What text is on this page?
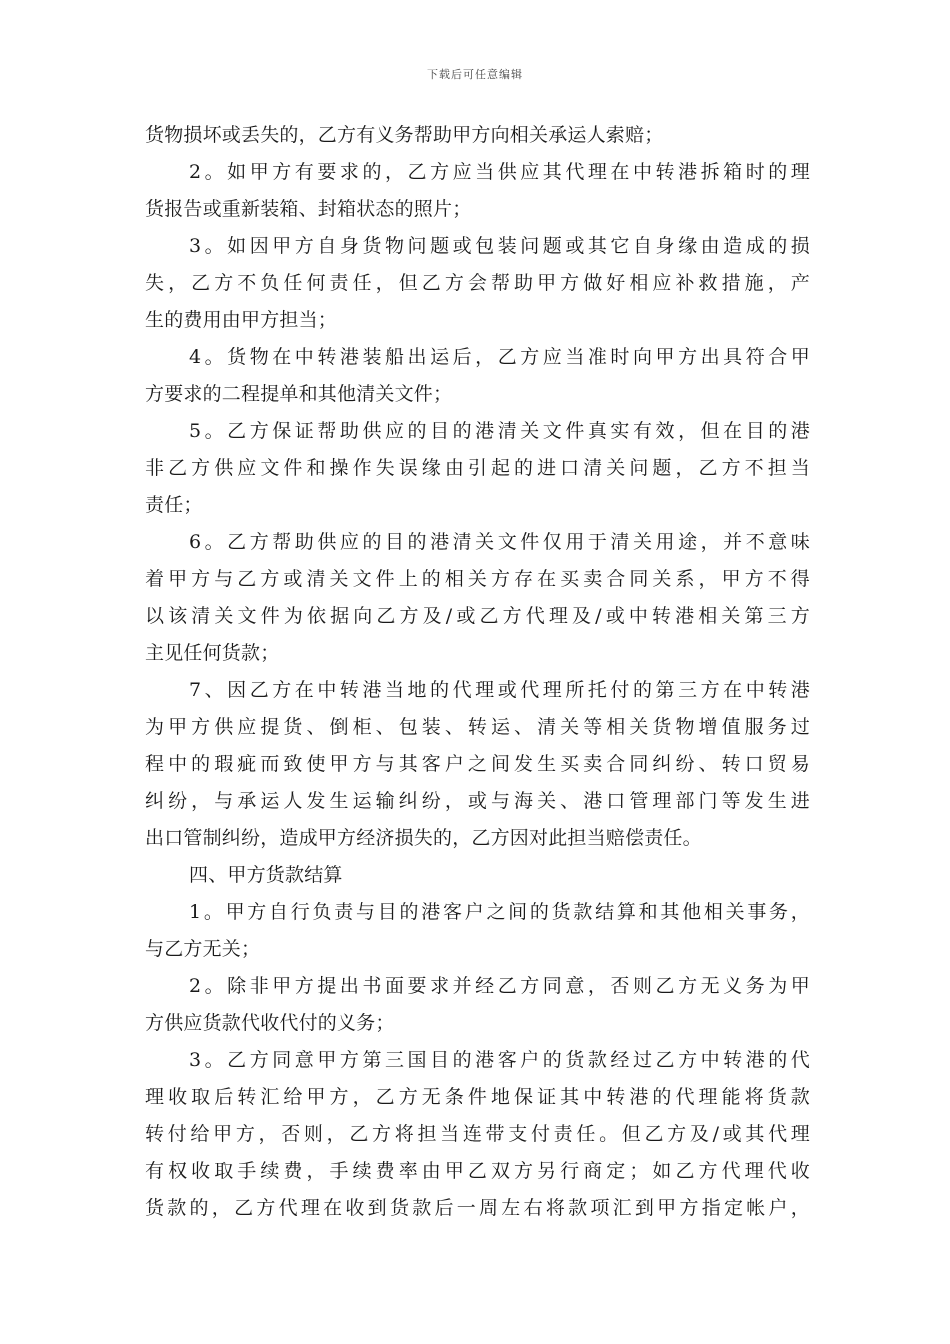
下载后可任意编辑
货物损坏或丢失的，乙方有义务帮助甲方向相关承运人索赔；
2。如甲方有要求的，乙方应当供应其代理在中转港拆箱时的理
货报告或重新装箱、封箱状态的照片；
3。如因甲方自身货物问题或包装问题或其它自身缘由造成的损
失，乙方不负任何责任，但乙方会帮助甲方做好相应补救措施，产
生的费用由甲方担当；
4。货物在中转港装船出运后，乙方应当准时向甲方出具符合甲
方要求的二程提单和其他清关文件；
5。乙方保证帮助供应的目的港清关文件真实有效，但在目的港
非乙方供应文件和操作失误缘由引起的进口清关问题，乙方不担当
责任；
6。乙方帮助供应的目的港清关文件仅用于清关用途，并不意味
着甲方与乙方或清关文件上的相关方存在买卖合同关系，甲方不得
以该清关文件为依据向乙方及/或乙方代理及/或中转港相关第三方
主见任何货款；
7、因乙方在中转港当地的代理或代理所托付的第三方在中转港
为甲方供应提货、倒柜、包装、转运、清关等相关货物增值服务过
程中的瑕疵而致使甲方与其客户之间发生买卖合同纠纷、转口贸易
纠纷，与承运人发生运输纠纷，或与海关、港口管理部门等发生进
出口管制纠纷，造成甲方经济损失的，乙方因对此担当赔偿责任。
四、甲方货款结算
1。甲方自行负责与目的港客户之间的货款结算和其他相关事务，
与乙方无关；
2。除非甲方提出书面要求并经乙方同意，否则乙方无义务为甲
方供应货款代收代付的义务；
3。乙方同意甲方第三国目的港客户的货款经过乙方中转港的代
理收取后转汇给甲方，乙方无条件地保证其中转港的代理能将货款
转付给甲方，否则，乙方将担当连带支付责任。但乙方及/或其代理
有权收取手续费，手续费率由甲乙双方另行商定；如乙方代理代收
货款的，乙方代理在收到货款后一周左右将款项汇到甲方指定帐户，
